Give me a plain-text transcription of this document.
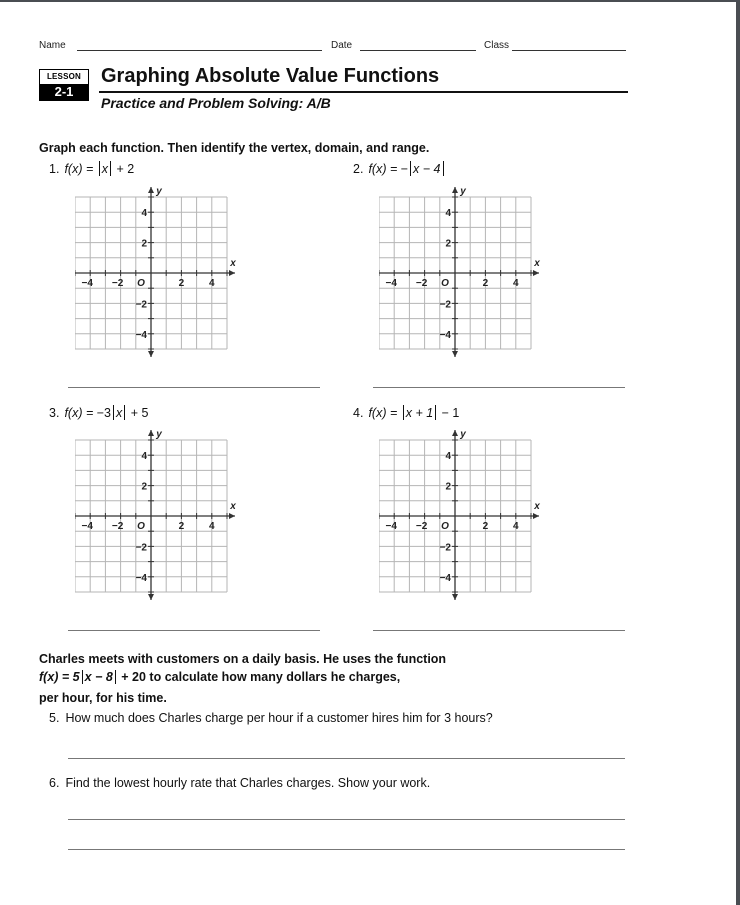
Name	Date	Class
LESSON
2-1
Graphing Absolute Value Functions
Practice and Problem Solving: A/B
Graph each function. Then identify the vertex, domain, and range.
1. f(x) = x + 2	2. f(x) = − x − 4
3. f(x) = −3 x + 5	4. f(x) = x + 1 − 1
−4 −2	2 4
4
2
−2
−4
O
x
y
−4 −2	2 4
4
2
−2
−4
O
x
y
−4 −2	2 4
4
2
−2
−4
O
x
y
−4 −2	2 4
4
2
−2
−4
O
x
y
Charles meets with customers on a daily basis. He uses the function
f(x) = 5 x − 8 + 20 to calculate how many dollars he charges,
per hour, for his time.
5. How much does Charles charge per hour if a customer hires him for 3 hours?
6. Find the lowest hourly rate that Charles charges. Show your work.
